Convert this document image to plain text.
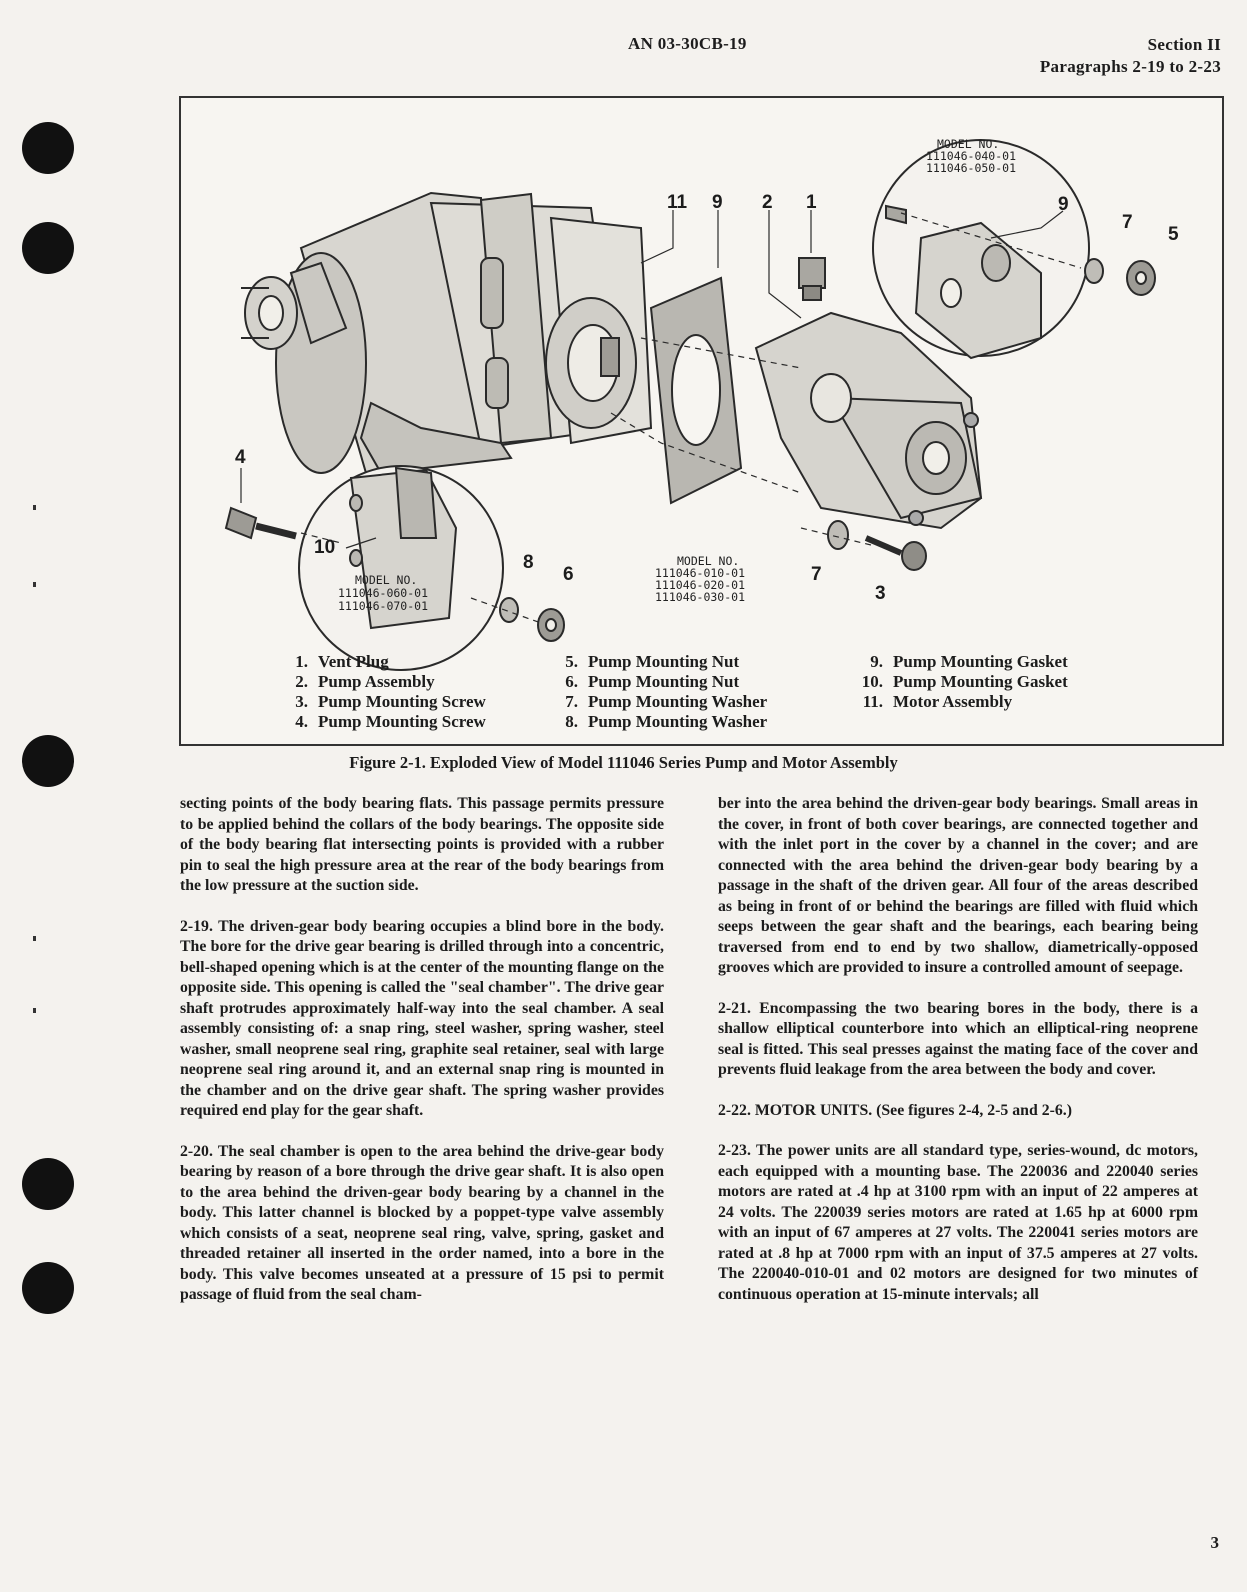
AN 03-30CB-19	Section II
Paragraphs 2-19 to 2-23
11 9 2 1	9
7
5
4
10
8
6	7
3
MODEL NO.
111046-040-01
111046-050-01
MODEL NO.
111046-060-01
111046-070-01
MODEL NO.
111046-010-01
111046-020-01
111046-030-01
1. Vent Plug
2. Pump Assembly
3. Pump Mounting Screw
4. Pump Mounting Screw
5. Pump Mounting Nut
6. Pump Mounting Nut
7. Pump Mounting Washer
8. Pump Mounting Washer
9. Pump Mounting Gasket
10. Pump Mounting Gasket
11. Motor Assembly
Figure 2-1. Exploded View of Model 111046 Series Pump and Motor Assembly

secting points of the body bearing flats. This passage permits pressure to be applied behind the collars of the body bearings. The opposite side of the body bearing flat intersecting points is provided with a rubber pin to seal the high pressure area at the rear of the body bearings from the low pressure at the suction side.

2-19. The driven-gear body bearing occupies a blind bore in the body. The bore for the drive gear bearing is drilled through into a concentric, bell-shaped opening which is at the center of the mounting flange on the opposite side. This opening is called the "seal chamber". The drive gear shaft protrudes approximately half-way into the seal chamber. A seal assembly consisting of: a snap ring, steel washer, spring washer, steel washer, small neoprene seal ring, graphite seal retainer, seal with large neoprene seal ring around it, and an external snap ring is mounted in the chamber and on the drive gear shaft. The spring washer provides required end play for the gear shaft.

2-20. The seal chamber is open to the area behind the drive-gear body bearing by reason of a bore through the drive gear shaft. It is also open to the area behind the driven-gear body bearing by a channel in the body. This latter channel is blocked by a poppet-type valve assembly which consists of a seat, neoprene seal ring, valve, spring, gasket and threaded retainer all inserted in the order named, into a bore in the body. This valve becomes unseated at a pressure of 15 psi to permit passage of fluid from the seal cham-

ber into the area behind the driven-gear body bearings. Small areas in the cover, in front of both cover bearings, are connected together and with the inlet port in the cover by a channel in the cover; and are connected with the area behind the driven-gear body bearing by a passage in the shaft of the driven gear. All four of the areas described as being in front of or behind the bearings are filled with fluid which seeps between the gear shaft and the bearings, each bearing being traversed from end to end by two shallow, diametrically-opposed grooves which are provided to insure a controlled amount of seepage.

2-21. Encompassing the two bearing bores in the body, there is a shallow elliptical counterbore into which an elliptical-ring neoprene seal is fitted. This seal presses against the mating face of the cover and prevents fluid leakage from the area between the body and cover.

2-22. MOTOR UNITS. (See figures 2-4, 2-5 and 2-6.)

2-23. The power units are all standard type, series-wound, dc motors, each equipped with a mounting base. The 220036 and 220040 series motors are rated at .4 hp at 3100 rpm with an input of 22 amperes at 24 volts. The 220039 series motors are rated at 1.65 hp at 6000 rpm with an input of 67 amperes at 27 volts. The 220041 series motors are rated at .8 hp at 7000 rpm with an input of 37.5 amperes at 27 volts. The 220040-010-01 and 02 motors are designed for two minutes of continuous operation at 15-minute intervals; all

3
